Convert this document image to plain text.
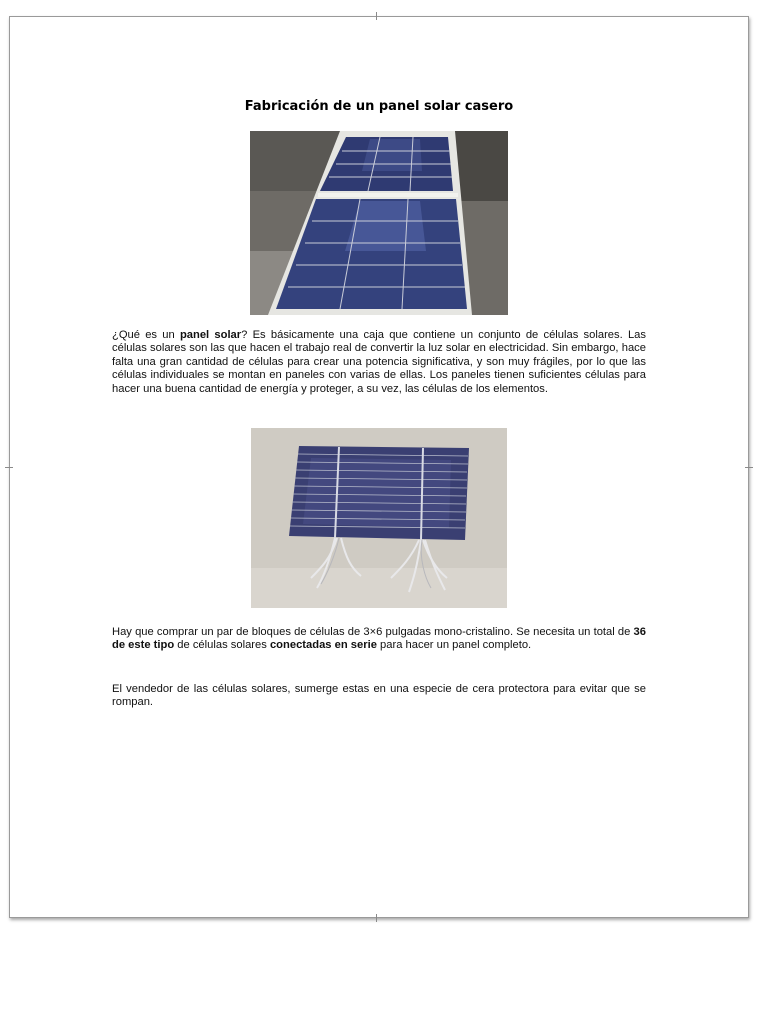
Fabricación de un panel solar casero

¿Qué es un panel solar? Es básicamente una caja que contiene un conjunto de células solares. Las células solares son las que hacen el trabajo real de convertir la luz solar en electricidad. Sin embargo, hace falta una gran cantidad de células para crear una potencia significativa, y son muy frágiles, por lo que las células individuales se montan en paneles con varias de ellas. Los paneles tienen suficientes células para hacer una buena cantidad de energía y proteger, a su vez, las células de los elementos.

Hay que comprar un par de bloques de células de 3×6 pulgadas mono-cristalino. Se necesita un total de 36 de este tipo de células solares conectadas en serie para hacer un panel completo.

El vendedor de las células solares, sumerge estas en una especie de cera protectora para evitar que se rompan.
